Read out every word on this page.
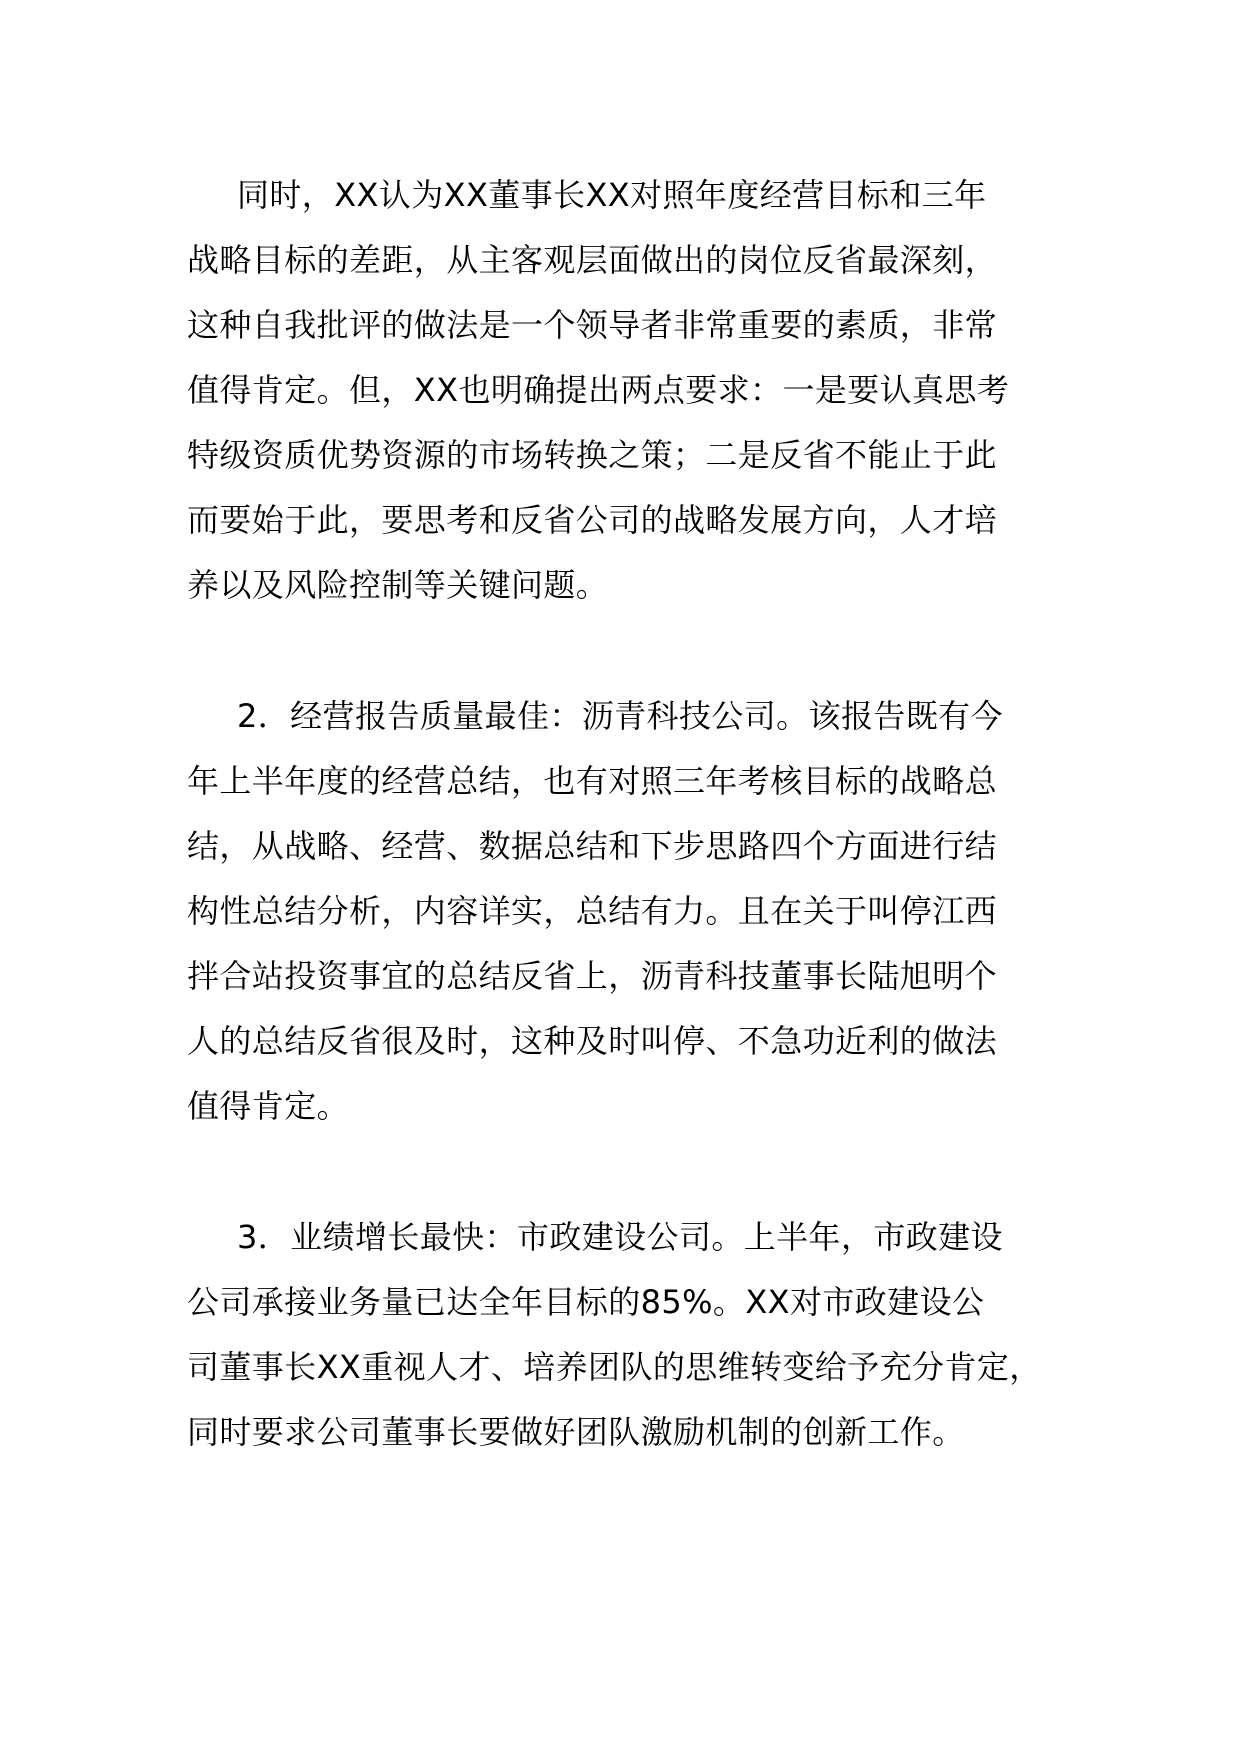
同时，XX认为XX董事长XX对照年度经营目标和三年
战略目标的差距，从主客观层面做出的岗位反省最深刻，
这种自我批评的做法是一个领导者非常重要的素质，非常
值得肯定。但，XX也明确提出两点要求：一是要认真思考
特级资质优势资源的市场转换之策；二是反省不能止于此
而要始于此，要思考和反省公司的战略发展方向，人才培
养以及风险控制等关键问题。
2．经营报告质量最佳：沥青科技公司。该报告既有今
年上半年度的经营总结，也有对照三年考核目标的战略总
结，从战略、经营、数据总结和下步思路四个方面进行结
构性总结分析，内容详实，总结有力。且在关于叫停江西
拌合站投资事宜的总结反省上，沥青科技董事长陆旭明个
人的总结反省很及时，这种及时叫停、不急功近利的做法
值得肯定。
3．业绩增长最快：市政建设公司。上半年，市政建设
公司承接业务量已达全年目标的85%。XX对市政建设公
司董事长XX重视人才、培养团队的思维转变给予充分肯定，
同时要求公司董事长要做好团队激励机制的创新工作。
